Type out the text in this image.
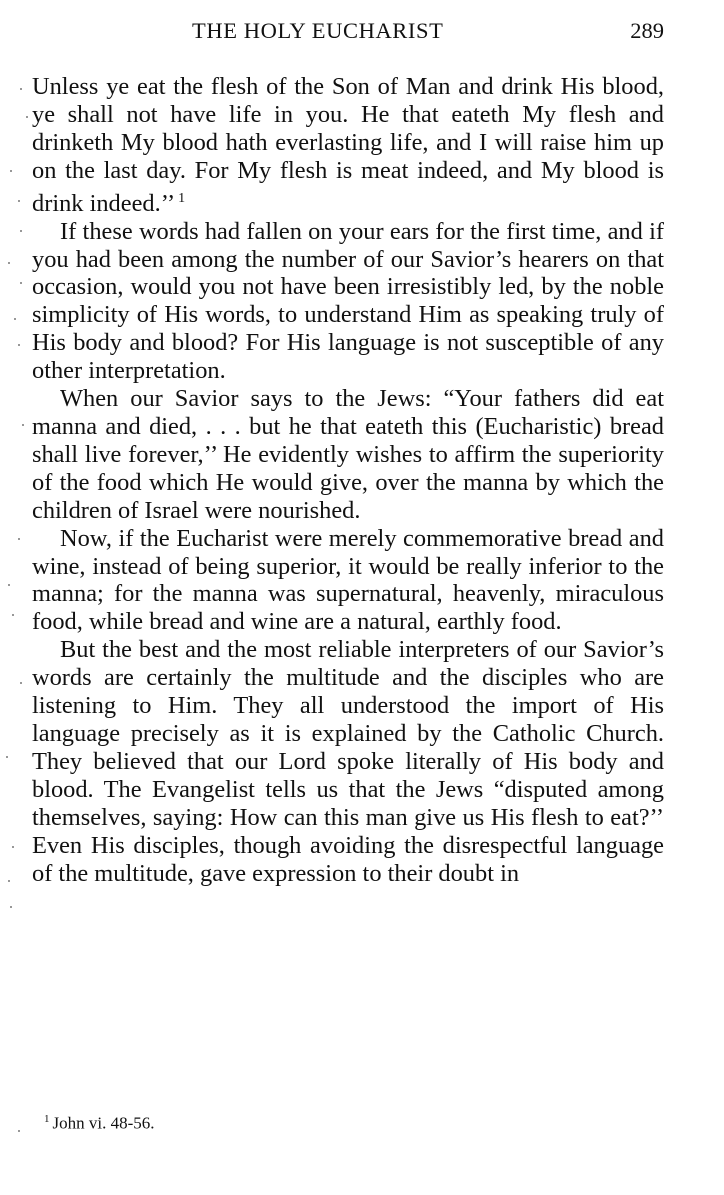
THE HOLY EUCHARIST	289

Unless ye eat the flesh of the Son of Man and drink His blood, ye shall not have life in you. He that eateth My flesh and drinketh My blood hath everlasting life, and I will raise him up on the last day. For My flesh is meat indeed, and My blood is drink indeed.’’ $^1$

If these words had fallen on your ears for the first time, and if you had been among the number of our Savior’s hearers on that occasion, would you not have been irresistibly led, by the noble simplicity of His words, to understand Him as speaking truly of His body and blood? For His language is not susceptible of any other interpretation.

When our Savior says to the Jews: “Your fathers did eat manna and died, . . . but he that eateth this (Eucharistic) bread shall live forever,’’ He evidently wishes to affirm the superiority of the food which He would give, over the manna by which the children of Israel were nourished.

Now, if the Eucharist were merely commemorative bread and wine, instead of being superior, it would be really inferior to the manna; for the manna was supernatural, heavenly, miraculous food, while bread and wine are a natural, earthly food.

But the best and the most reliable interpreters of our Savior’s words are certainly the multitude and the disciples who are listening to Him. They all understood the import of His language precisely as it is explained by the Catholic Church. They believed that our Lord spoke literally of His body and blood. The Evangelist tells us that the Jews “disputed among themselves, saying: How can this man give us His flesh to eat?’’ Even His disciples, though avoiding the disrespectful language of the multitude, gave expression to their doubt in

$^1$ John vi. 48-56.
